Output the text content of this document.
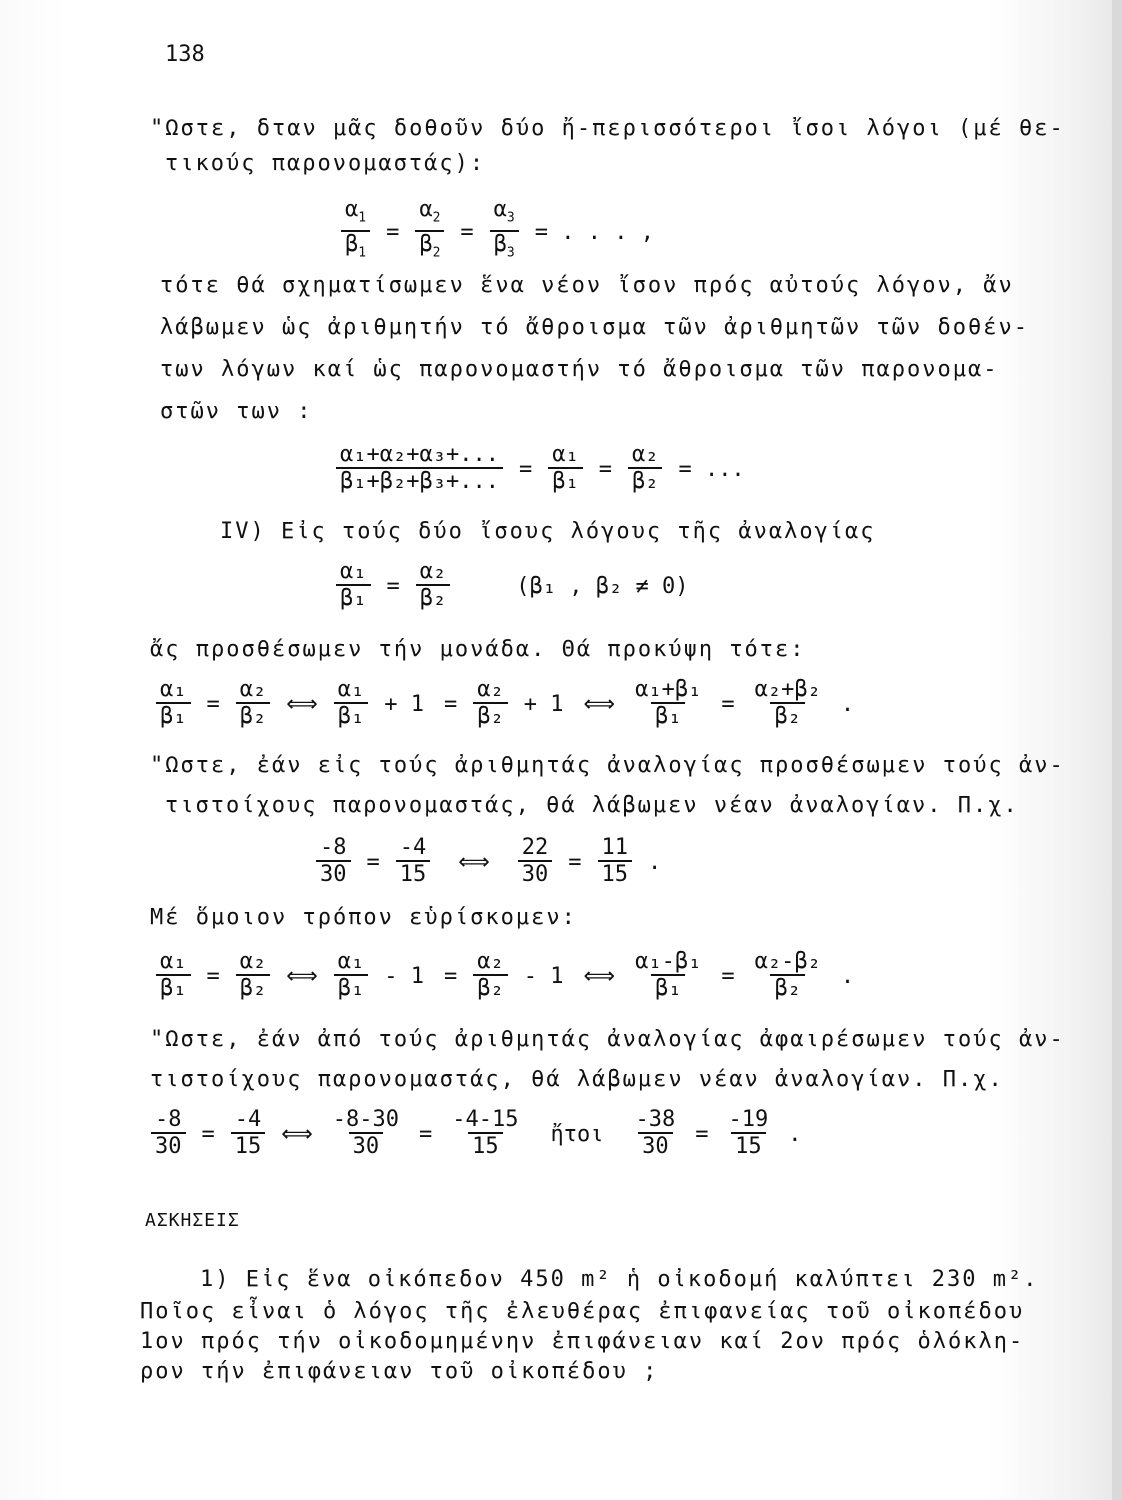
138
"Ωστε, δταν μᾶς δοθοῦν δύο ἤ-περισσότεροι ἴσοι λόγοι (μέ θε-
τικούς παρονομαστάς):
$\frac{\alpha_1}{\beta_1} = \frac{\alpha_2}{\beta_2} = \frac{\alpha_3}{\beta_3}$ = . . . ,
τότε θά σχηματίσωμεν ἕνα νέον ἴσον πρός αὐτούς λόγον, ἄν
λάβωμεν ὡς ἀριθμητήν τό ἄθροισμα τῶν ἀριθμητῶν τῶν δοθέν-
των λόγων καί ὡς παρονομαστήν τό ἄθροισμα τῶν παρονομα-
στῶν των :
$\frac{\text{α₁+α₂+α₃+...}}{\text{β₁+β₂+β₃+...}} = \frac{\text{α₁}}{\text{β₁}} = \frac{\text{α₂}}{\text{β₂}}$ = ...
IV) Εἰς τούς δύο ἴσους λόγους τῆς ἀναλογίας
$\frac{\text{α₁}}{\text{β₁}} = \frac{\text{α₂}}{\text{β₂}}$	(β₁ , β₂ ≠ 0)
ἄς προσθέσωμεν τήν μονάδα. Θά προκύψη τότε:
$\frac{\text{α₁}}{\text{β₁}} = \frac{\text{α₂}}{\text{β₂}}$ ⟺
α₁
$\beta_1 + 1 = \frac{\text{α₂}}{\text{β₂}} + 1$ ⟺ $\frac{\text{α₁+β₁}}{\text{β₁}} = \frac{\text{α₂+β₂}}{\text{β₂}}$ .
"Ωστε, ἐάν εἰς τούς ἀριθμητάς ἀναλογίας προσθέσωμεν τούς ἀν-
τιστοίχους παρονομαστάς, θά λάβωμεν νέαν ἀναλογίαν. Π.χ.
$\frac{-8}{30} = \frac{-4}{15}$ ⟺ $\frac{22}{30} = \frac{11}{15}$ .
Μέ ὅμοιον τρόπον εὑρίσκομεν:
$\frac{\text{α₁}}{\text{β₁}} = \frac{\text{α₂}}{\text{β₂}}$ ⟺
α₁
$\beta_1 - 1 = \frac{\text{α₂}}{\text{β₂}} - 1$ ⟺ $\frac{\text{α₁-β₁}}{\text{β₁}} = \frac{\text{α₂-β₂}}{\text{β₂}}$ .
"Ωστε, ἐάν ἀπό τούς ἀριθμητάς ἀναλογίας ἀφαιρέσωμεν τούς ἀν-
τιστοίχους παρονομαστάς, θά λάβωμεν νέαν ἀναλογίαν. Π.χ.
$\frac{-8}{30} = \frac{-4}{15}$ ⟺ $\frac{-8-30}{30} = \frac{-4-15}{15}$ ἤτοι $\frac{-38}{30} = \frac{-19}{15}$ .
ΑΣΚΗΣΕΙΣ
1) Εἰς ἕνα οἰκόπεδον 450 m² ἡ οἰκοδομή καλύπτει 230 m².
Ποῖος εἶναι ὁ λόγος τῆς ἐλευθέρας ἐπιφανείας τοῦ οἰκοπέδου
1ον πρός τήν οἰκοδομημένην ἐπιφάνειαν καί 2ον πρός ὁλόκλη-
ρον τήν ἐπιφάνειαν τοῦ οἰκοπέδου ;
